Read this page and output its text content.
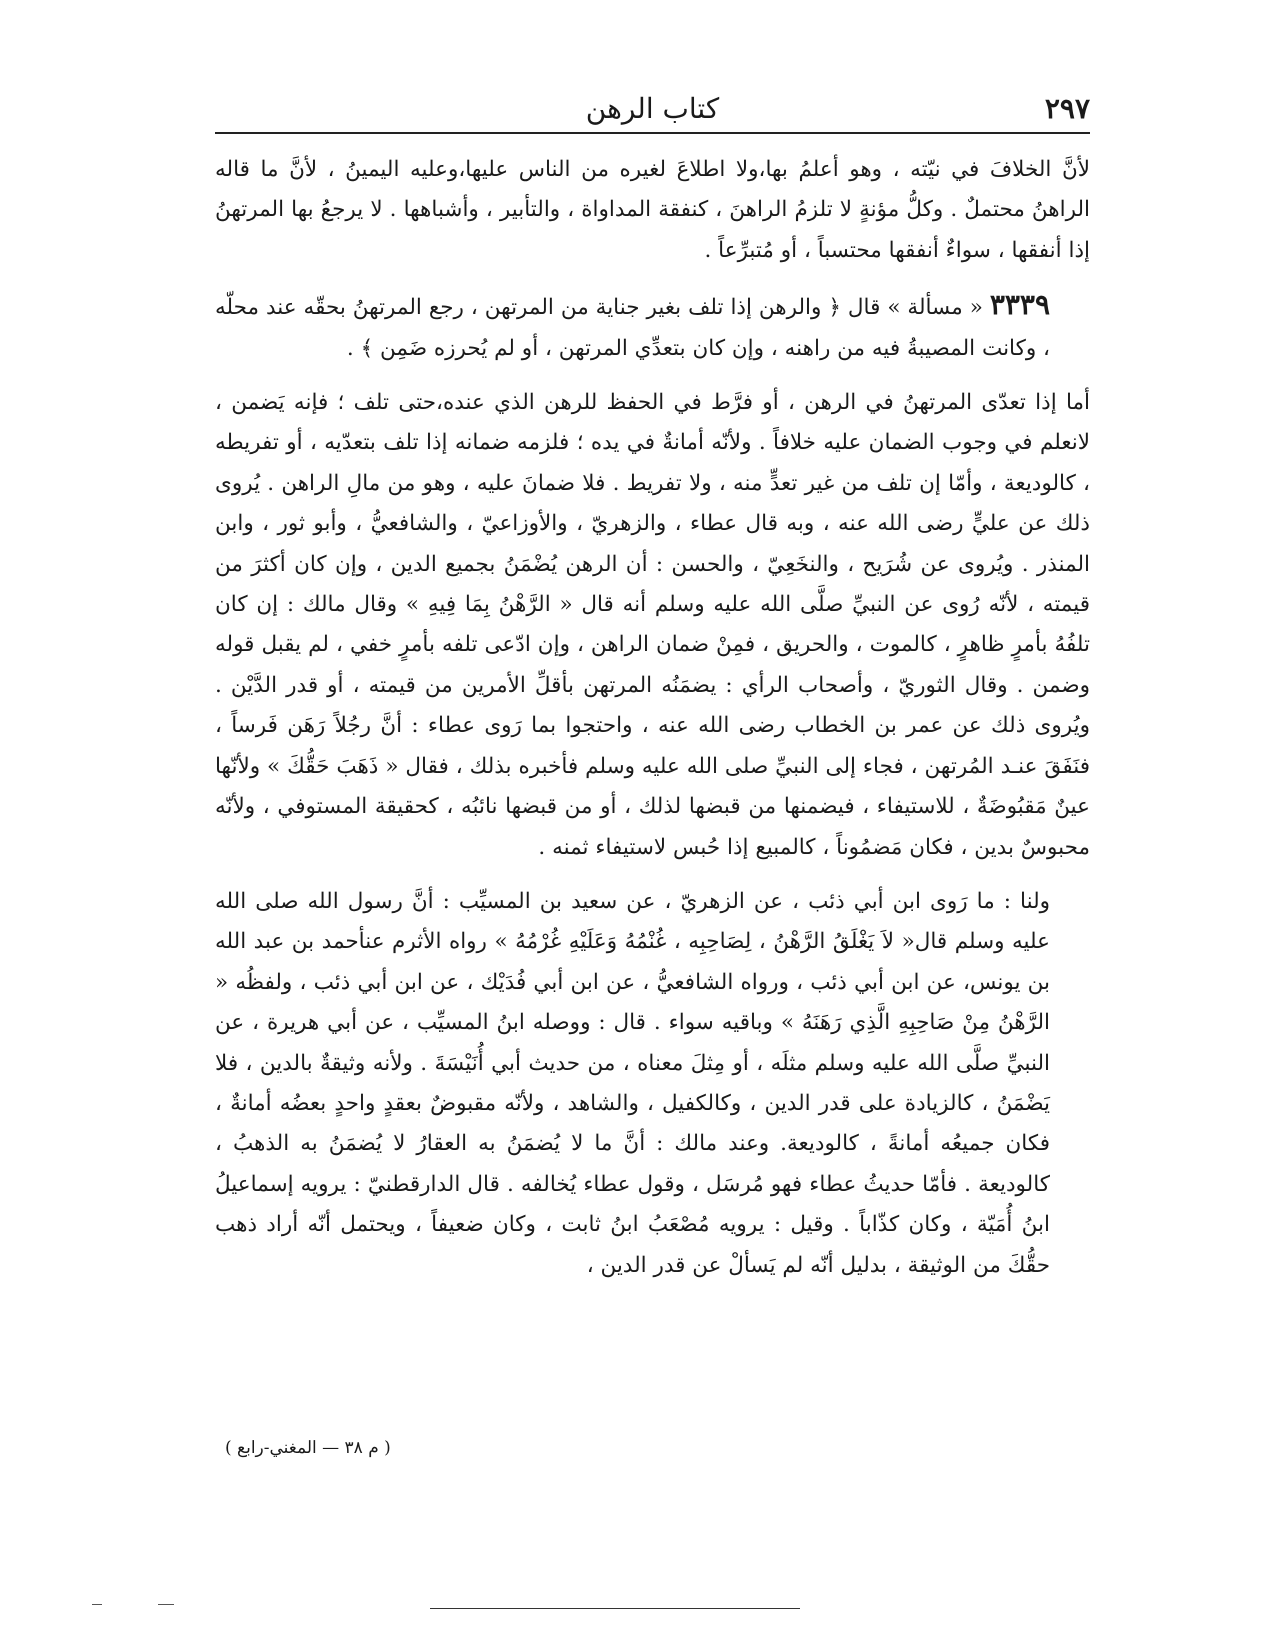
٢٩٧
كتاب الرهن

لأنَّ الخلافَ في نيّته ، وهو أعلمُ بها،ولا اطلاعَ لغيره من الناس عليها،وعليه اليمينُ ، لأنَّ ما قاله الراهنُ محتملٌ . وكلُّ مؤنةٍ لا تلزمُ الراهنَ ، كنفقة المداواة ، والتأبير ، وأشباهها . لا يرجعُ بها المرتهنُ إذا أنفقها ، سواءٌ أنفقها محتسباً ، أو مُتبرِّعاً .

٣٣٣٩ « مسألة » قال ﴿ والرهن إذا تلف بغير جناية من المرتهن ، رجع المرتهنُ بحقّه عند محلّه ، وكانت المصيبةُ فيه من راهنه ، وإن كان بتعدِّي المرتهن ، أو لم يُحرزه ضَمِن ﴾ .

أما إذا تعدّى المرتهنُ في الرهن ، أو فرَّط في الحفظ للرهن الذي عنده،حتى تلف ؛ فإنه يَضمن ، لانعلم في وجوب الضمان عليه خلافاً . ولأنّه أمانةٌ في يده ؛ فلزمه ضمانه إذا تلف بتعدّيه ، أو تفريطه ، كالوديعة ، وأمّا إن تلف من غير تعدٍّ منه ، ولا تفريط . فلا ضمانَ عليه ، وهو من مالِ الراهن . يُروى ذلك عن عليٍّ رضى الله عنه ، وبه قال عطاء ، والزهريّ ، والأوزاعيّ ، والشافعيُّ ، وأبو ثور ، وابن المنذر . ويُروى عن شُرَيح ، والنخَعِيّ ، والحسن : أن الرهن يُضْمَنُ بجميع الدين ، وإن كان أكثرَ من قيمته ، لأنّه رُوى عن النبيِّ صلَّى الله عليه وسلم أنه قال « الرَّهْنُ بِمَا فِيهِ » وقال مالك : إن كان تلفُهُ بأمرٍ ظاهرٍ ، كالموت ، والحريق ، فمِنْ ضمان الراهن ، وإن ادّعى تلفه بأمرٍ خفي ، لم يقبل قوله وضمن . وقال الثوريّ ، وأصحاب الرأي : يضمَنُه المرتهن بأقلِّ الأمرين من قيمته ، أو قدر الدَّيْن . ويُروى ذلك عن عمر بن الخطاب رضى الله عنه ، واحتجوا بما رَوى عطاء : أنَّ رجُلاً رَهَن فَرساً ، فنَفَقَ عنـد المُرتهن ، فجاء إلى النبيِّ صلى الله عليه وسلم فأخبره بذلك ، فقال « ذَهَبَ حَقُّكَ » ولأنّها عينٌ مَقبُوضَةٌ ، للاستيفاء ، فيضمنها من قبضها لذلك ، أو من قبضها نائبُه ، كحقيقة المستوفي ، ولأنّه محبوسٌ بدين ، فكان مَضمُوناً ، كالمبيع إذا حُبس لاستيفاء ثمنه .

ولنا : ما رَوى ابن أبي ذئب ، عن الزهريّ ، عن سعيد بن المسيِّب : أنَّ رسول الله صلى الله عليه وسلم قال« لاَ يَغْلَقُ الرَّهْنُ ، لِصَاحِبِه ، غُنْمُهُ وَعَلَيْهِ غُرْمُهُ » رواه الأثرم عنأحمد بن عبد الله بن يونس، عن ابن أبي ذئب ، ورواه الشافعيُّ ، عن ابن أبي فُدَيْك ، عن ابن أبي ذئب ، ولفظُه « الرَّهْنُ مِنْ صَاحِبِهِ الَّذِي رَهَنَهُ » وباقيه سواء . قال : ووصله ابنُ المسيِّب ، عن أبي هريرة ، عن النبيِّ صلَّى الله عليه وسلم مثلَه ، أو مِثلَ معناه ، من حديث أبي أُنَيْسَةَ . ولأنه وثيقةٌ بالدين ، فلا يَضْمَنُ ، كالزيادة على قدر الدين ، وكالكفيل ، والشاهد ، ولأنّه مقبوضٌ بعقدٍ واحدٍ بعضُه أمانةٌ ، فكان جميعُه أمانةً ، كالوديعة. وعند مالك : أنَّ ما لا يُضمَنُ به العقارُ لا يُضمَنُ به الذهبُ ، كالوديعة . فأمّا حديثُ عطاء فهو مُرسَل ، وقول عطاء يُخالفه . قال الدارقطنيّ : يرويه إسماعيلُ ابنُ أُمَيّة ، وكان كذّاباً . وقيل : يرويه مُصْعَبُ ابنُ ثابت ، وكان ضعيفاً ، ويحتمل أنّه أراد ذهب حقُّكَ من الوثيقة ، بدليل أنّه لم يَسألْ عن قدر الدين ،

( م ٣٨ — المغني-رابع )
